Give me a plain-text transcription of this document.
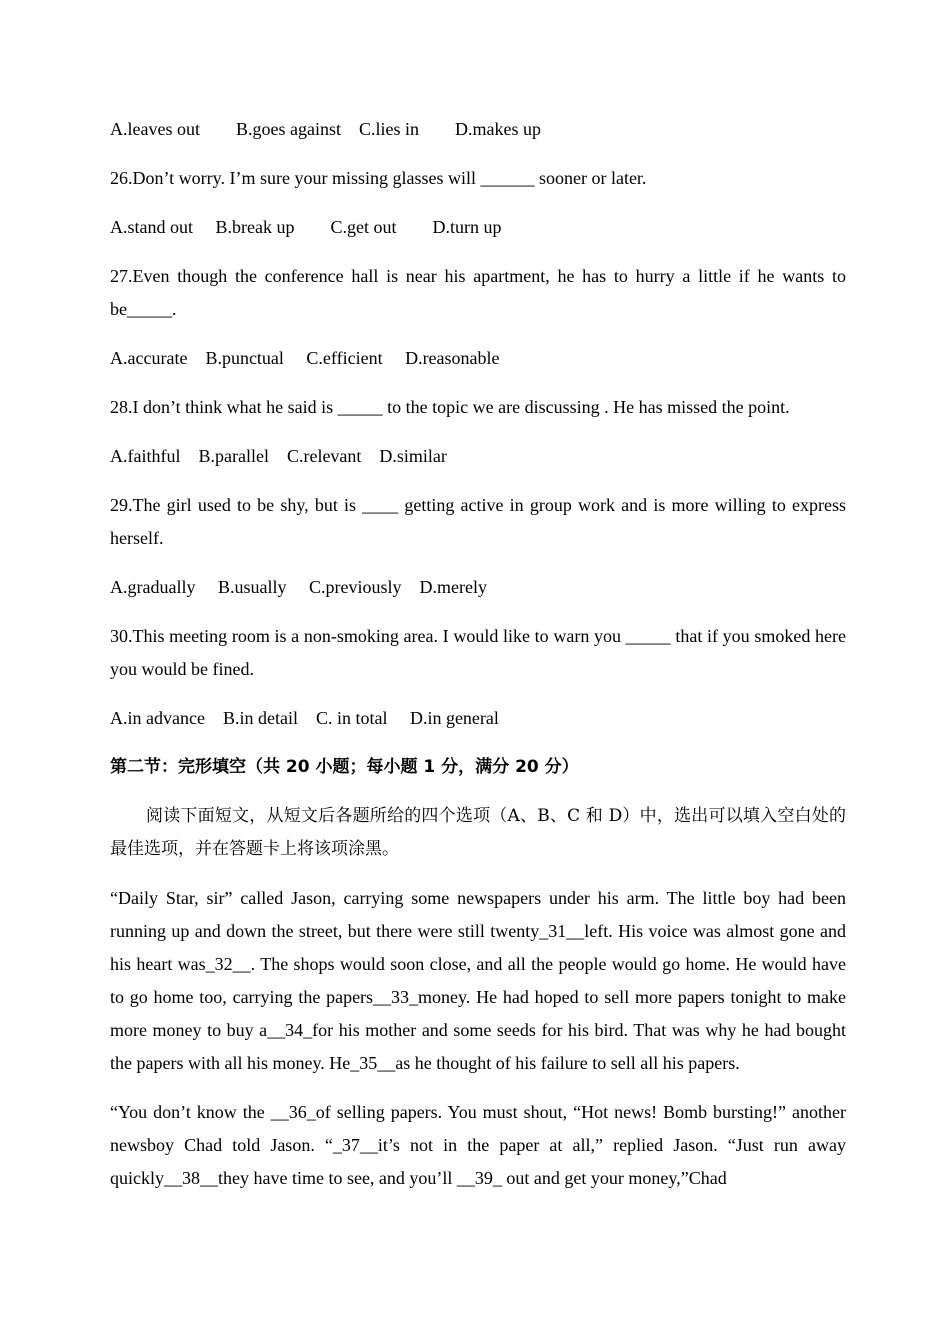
A.leaves out        B.goes against    C.lies in        D.makes up

26.Don’t worry. I’m sure your missing glasses will ______ sooner or later.

A.stand out     B.break up        C.get out        D.turn up

27.Even though the conference hall is near his apartment, he has to hurry a little if he wants to be_____.

A.accurate    B.punctual     C.efficient     D.reasonable

28.I don’t think what he said is _____ to the topic we are discussing . He has missed the point.

A.faithful    B.parallel    C.relevant    D.similar

29.The girl used to be shy, but is ____ getting active in group work and is more willing to express herself.

A.gradually     B.usually     C.previously    D.merely

30.This meeting room is a non-smoking area. I would like to warn you _____ that if you smoked here you would be fined.

A.in advance    B.in detail    C. in total     D.in general

第二节：完形填空（共 20 小题；每小题 1 分，满分 20 分）

阅读下面短文，从短文后各题所给的四个选项（A、B、C 和 D）中，选出可以填入空白处的最佳选项，并在答题卡上将该项涂黑。

“Daily Star, sir” called Jason, carrying some newspapers under his arm. The little boy had been running up and down the street, but there were still twenty_31__left. His voice was almost gone and his heart was_32__. The shops would soon close, and all the people would go home. He would have to go home too, carrying the papers__33_money. He had hoped to sell more papers tonight to make more money to buy a__34_for his mother and some seeds for his bird. That was why he had bought the papers with all his money. He_35__as he thought of his failure to sell all his papers.

“You don’t know the __36_of selling papers. You must shout, “Hot news! Bomb bursting!” another newsboy Chad told Jason. “_37__it’s not in the paper at all,” replied Jason. “Just run away quickly__38__they have time to see, and you’ll __39_ out and get your money,”Chad
